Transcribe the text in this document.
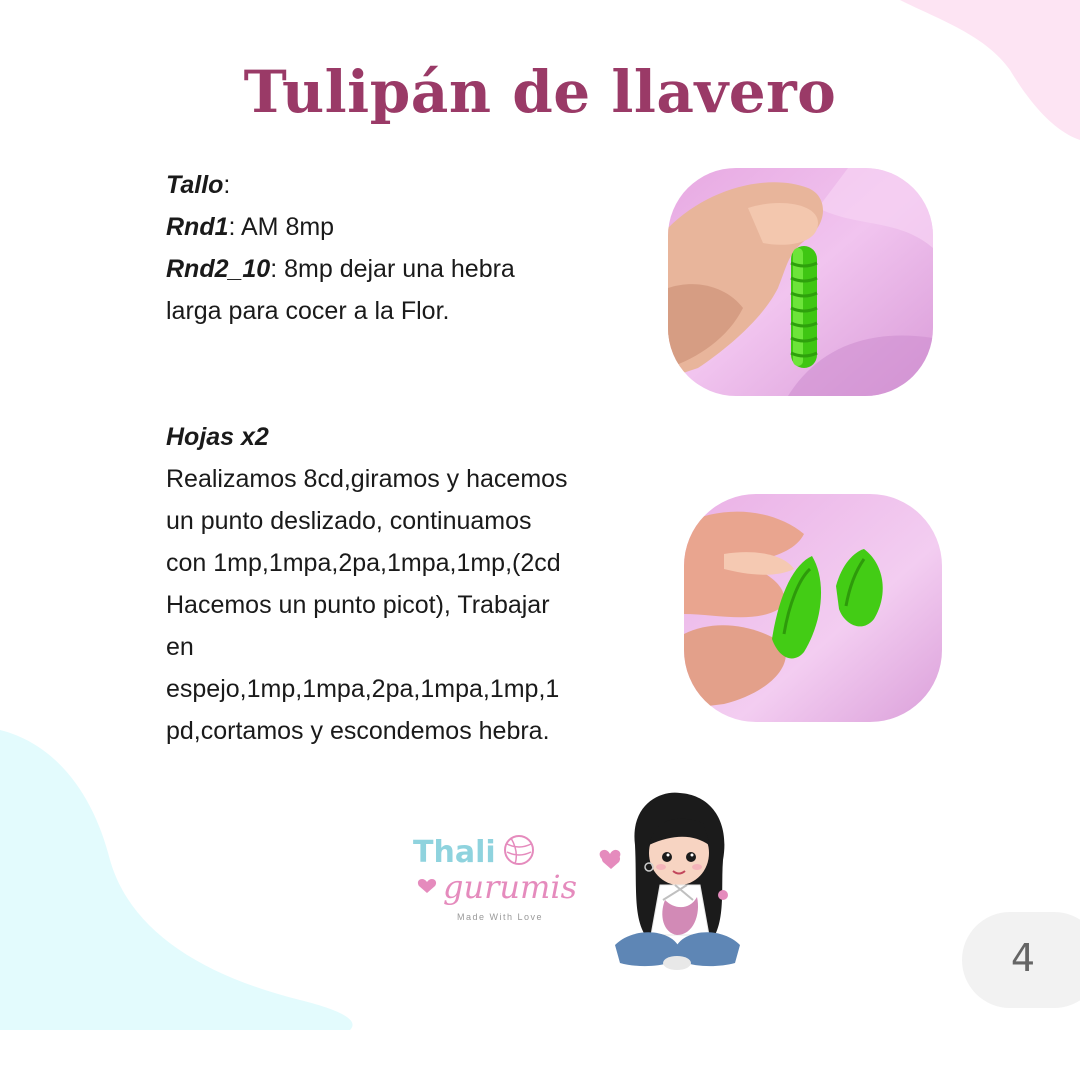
Tulipán de llavero
Tallo:
Rnd1: AM 8mp
Rnd2_10: 8mp dejar una hebra
larga para cocer a la Flor.
Hojas x2
Realizamos 8cd,giramos y hacemos
un punto deslizado, continuamos
con 1mp,1mpa,2pa,1mpa,1mp,(2cd
Hacemos un punto picot), Trabajar
en
espejo,1mp,1mpa,2pa,1mpa,1mp,1
pd,cortamos y escondemos hebra.
Thali
gurumis
Made With Love
4
